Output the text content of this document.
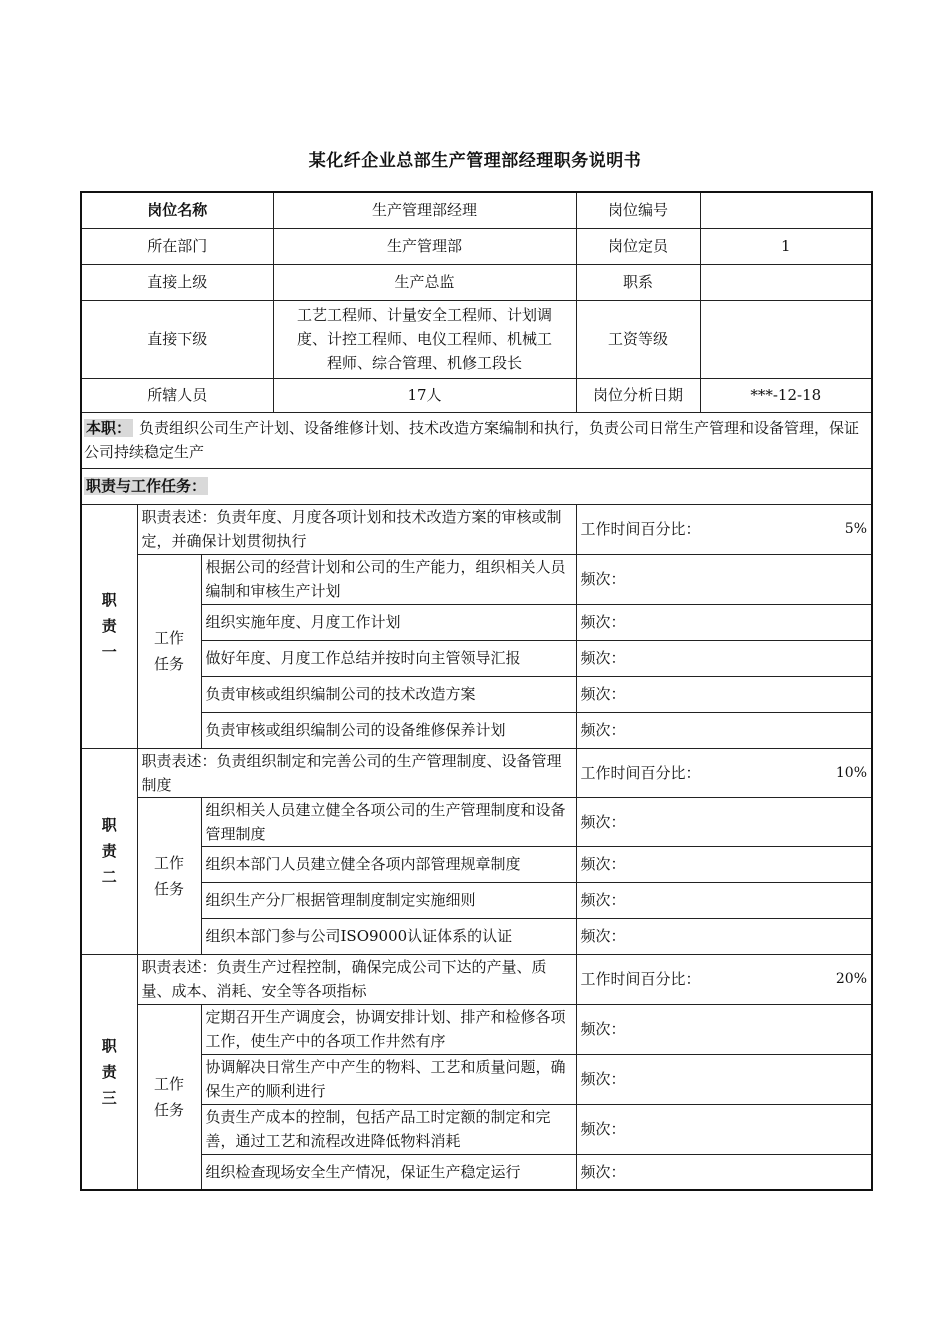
某化纤企业总部生产管理部经理职务说明书
岗位名称			生产管理部经理	岗位编号	
所在部门			生产管理部	岗位定员	1
直接上级			生产总监	职系	
直接下级			工艺工程师、计量安全工程师、计划调
度、计控工程师、电仪工程师、机械工
程师、综合管理、机修工段长	工资等级	
所辖人员			17人	岗位分析日期	***-12-18
本职： 负责组织公司生产计划、设备维修计划、技术改造方案编制和执行，负责公司日常生产管理和设备管理，保证公司持续稳定生产					
职责与工作任务：					
职
责
一	职责表述：负责年度、月度各项计划和技术改造方案的审核或制定，并确保计划贯彻执行			工作时间百分比： 5%	

	工作
任务	根据公司的经营计划和公司的生产能力，组织相关人员编制和审核生产计划		频次：	
		组织实施年度、月度工作计划		频次：	
		做好年度、月度工作总结并按时向主管领导汇报		频次：	
		负责审核或组织编制公司的技术改造方案		频次：	
		负责审核或组织编制公司的设备维修保养计划		频次：	
职
责
二	职责表述：负责组织制定和完善公司的生产管理制度、设备管理制度			工作时间百分比： 10%	

	工作
任务	组织相关人员建立健全各项公司的生产管理制度和设备管理制度		频次：	
		组织本部门人员建立健全各项内部管理规章制度		频次：	
		组织生产分厂根据管理制度制定实施细则		频次：	
		组织本部门参与公司ISO9000认证体系的认证		频次：	
职
责
三	职责表述：负责生产过程控制，确保完成公司下达的产量、质量、成本、消耗、安全等各项指标			工作时间百分比： 20%	

	工作
任务	定期召开生产调度会，协调安排计划、排产和检修各项工作，使生产中的各项工作井然有序		频次：	
		协调解决日常生产中产生的物料、工艺和质量问题，确保生产的顺利进行		频次：	
		负责生产成本的控制，包括产品工时定额的制定和完善，通过工艺和流程改进降低物料消耗		频次：	
		组织检查现场安全生产情况，保证生产稳定运行		频次：	
